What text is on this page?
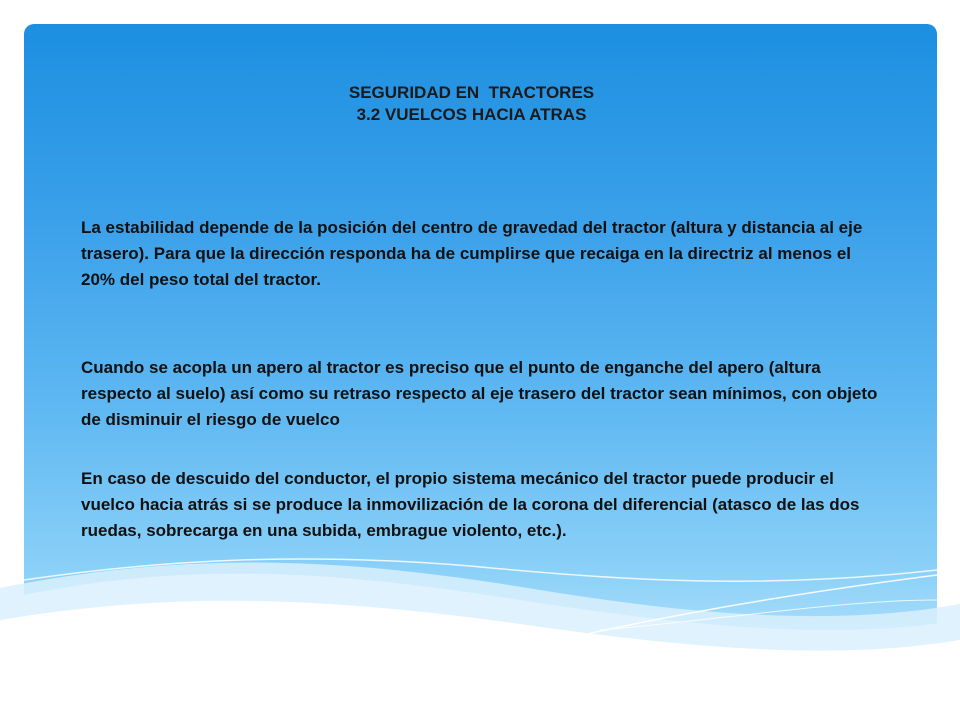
SEGURIDAD EN  TRACTORES
3.2 VUELCOS HACIA ATRAS

La estabilidad depende de la posición del centro de gravedad del tractor (altura y distancia al eje trasero). Para que la dirección responda ha de cumplirse que recaiga en la directriz al menos el 20% del peso total del tractor.

Cuando se acopla un apero al tractor es preciso que el punto de enganche del apero (altura respecto al suelo) así como su retraso respecto al eje trasero del tractor sean mínimos, con objeto de disminuir el riesgo de vuelco

En caso de descuido del conductor, el propio sistema mecánico del tractor puede producir el vuelco hacia atrás si se produce la inmovilización de la corona del diferencial (atasco de las dos ruedas, sobrecarga en una subida, embrague violento, etc.).
